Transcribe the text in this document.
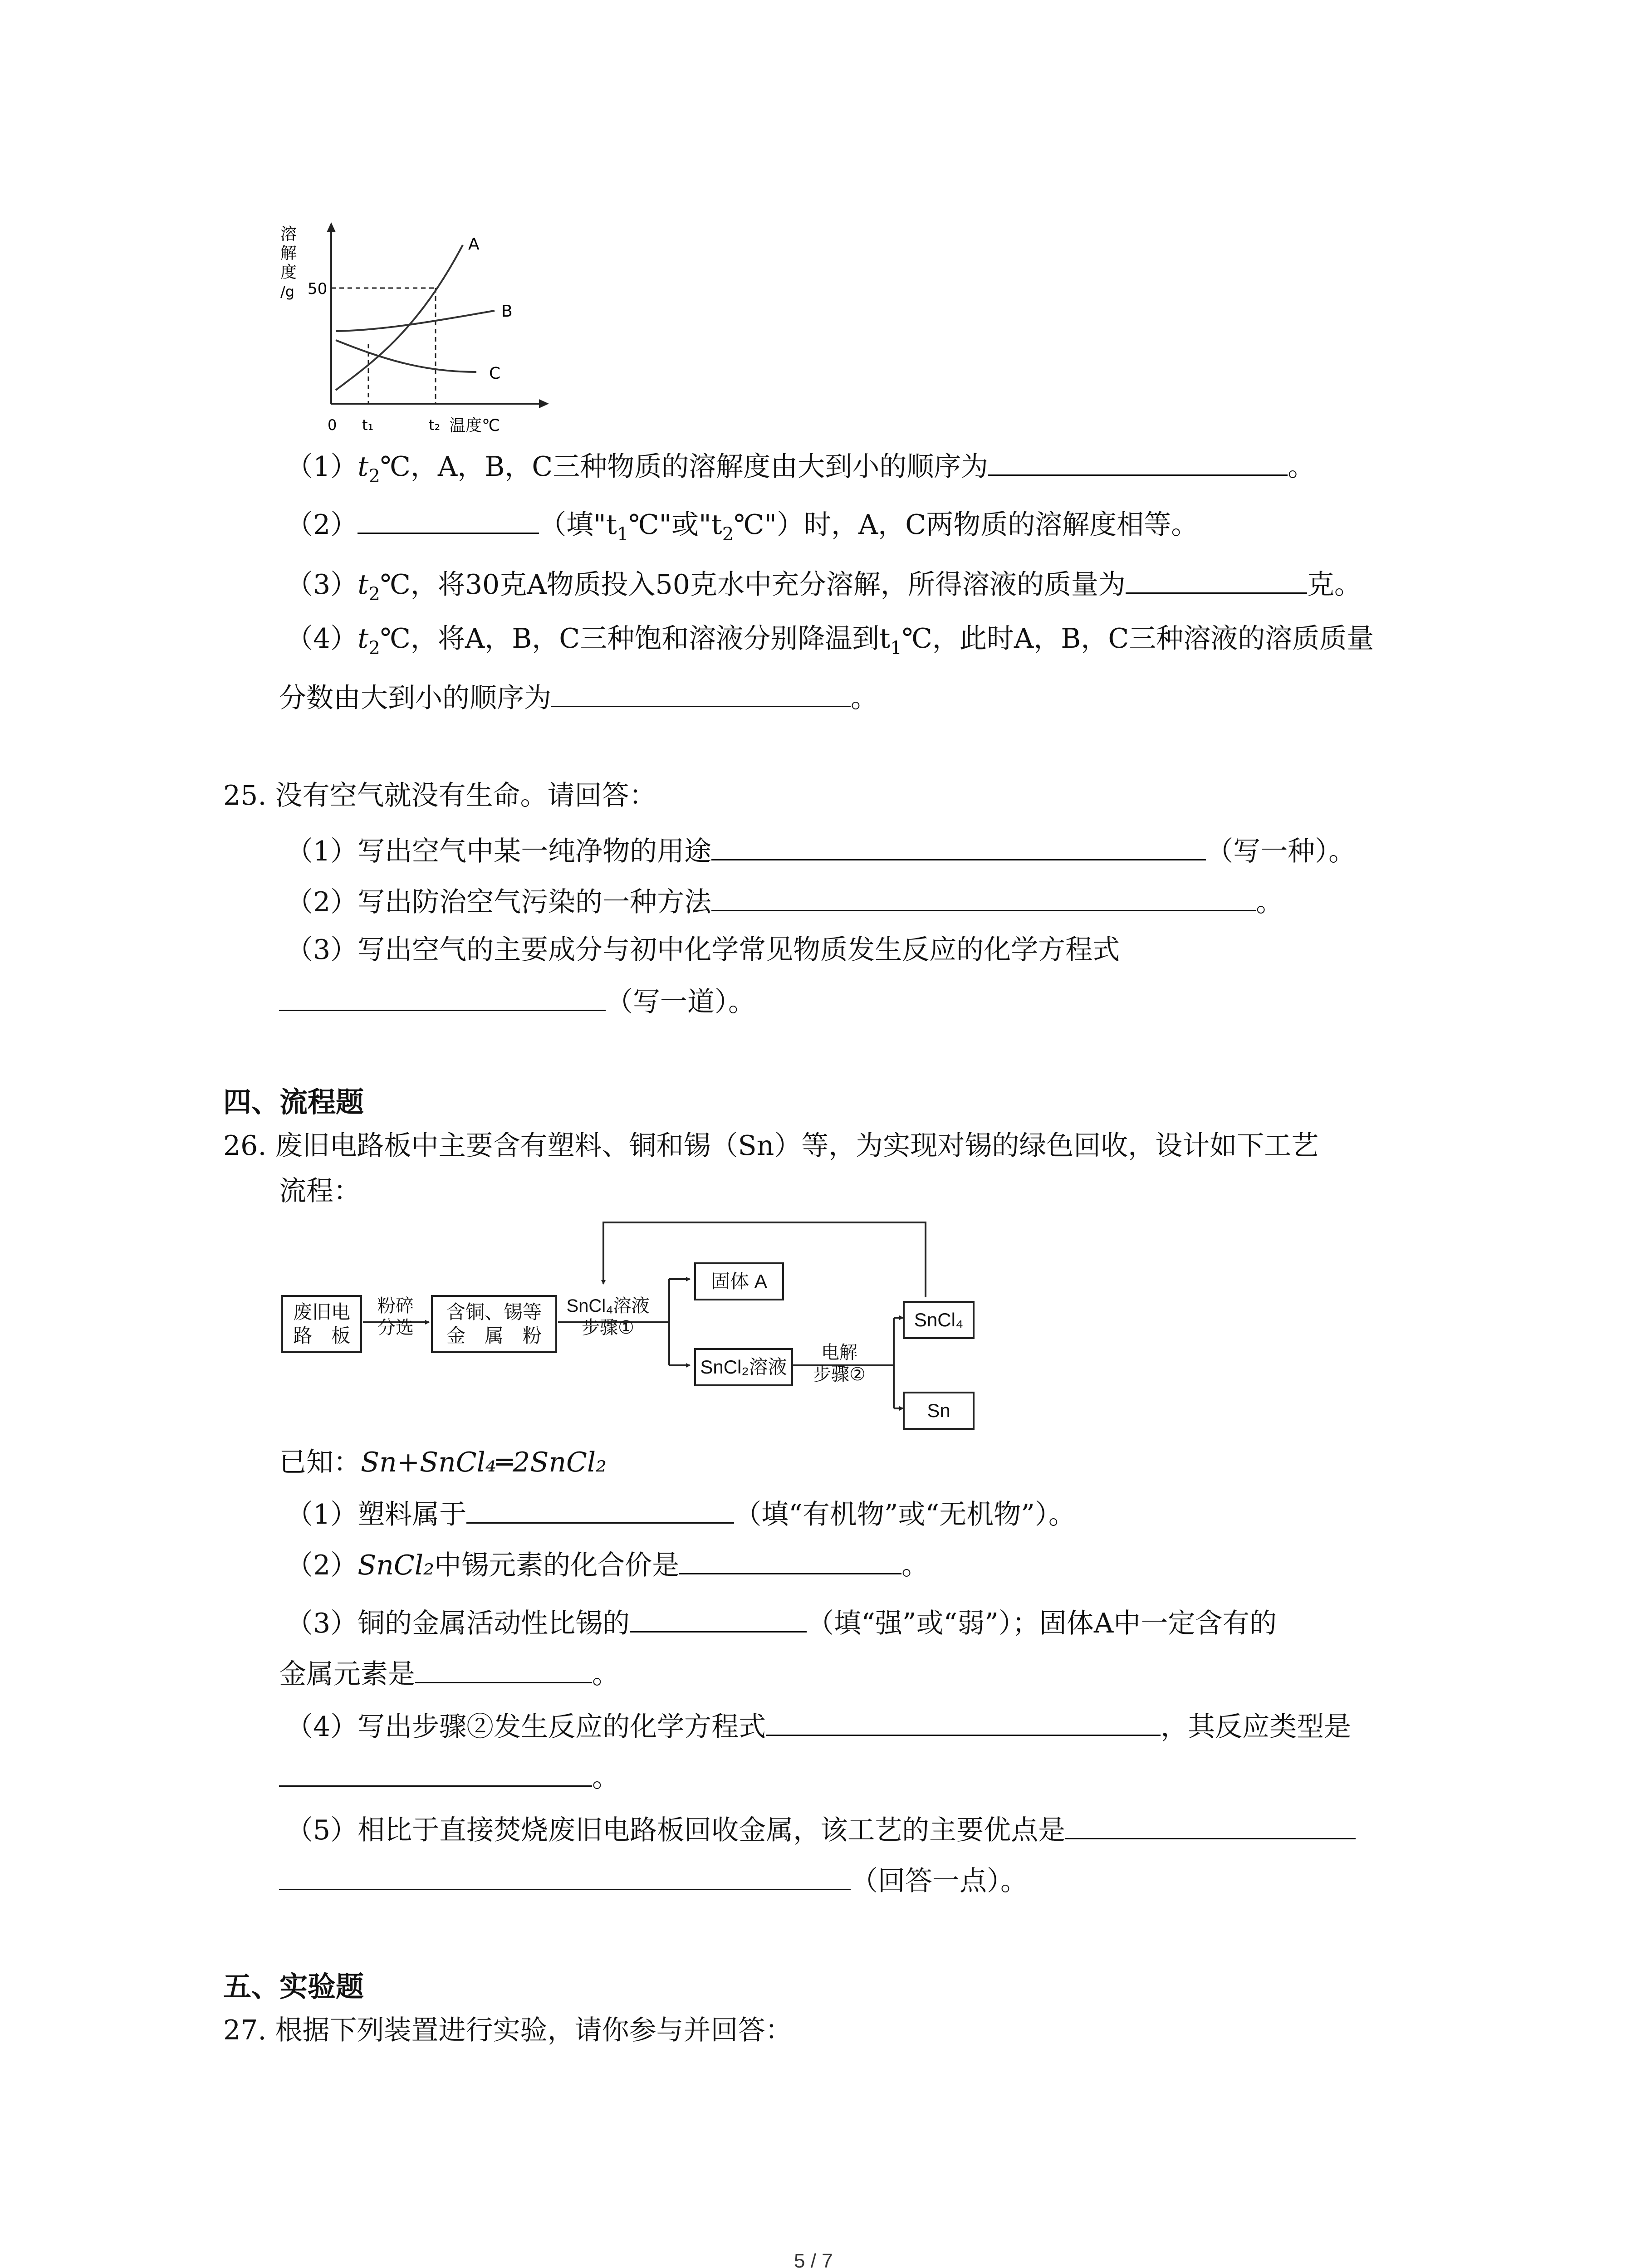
溶
解
度
/g 50
0 t₁	t₂ 温度℃
A
B
C
$(1)t_2℃$，A，B，C三种物质的溶解度由大到小的顺序为	。
（2）	（填"$t_1℃$"或"$t_2℃$"）时，A，C两物质的溶解度相等。
$(3)t_2℃$，将30克A物质投入50克水中充分溶解，所得溶液的质量为	克。
$(4)t_2℃$，将A，B，C三种饱和溶液分别降温到$t_1℃$，此时A，B，C三种溶液的溶质质量
分数由大到小的顺序为	。
25. 没有空气就没有生命。请回答：
（1）写出空气中某一纯净物的用途	（写一种）。
（2）写出防治空气污染的一种方法	。
（3）写出空气的主要成分与初中化学常见物质发生反应的化学方程式
（写一道）。
四、流程题
26. 废旧电路板中主要含有塑料、铜和锡（Sn）等，为实现对锡的绿色回收，设计如下工艺
流程：
废旧电
路　板
粉碎
分选
含铜、锡等
金　属　粉
SnCl₄溶液
步骤①
固体 A
SnCl₂溶液
电解
步骤②
SnCl₄
Sn
已知：Sn+SnCl₄═2SnCl₂
（1）塑料属于	（填“有机物”或“无机物”）。
（2）SnCl₂中锡元素的化合价是	。
（3）铜的金属活动性比锡的	（填“强”或“弱”）；固体A中一定含有的
金属元素是	。
（4）写出步骤②发生反应的化学方程式	，其反应类型是
。
（5）相比于直接焚烧废旧电路板回收金属，该工艺的主要优点是
（回答一点）。
五、实验题
27. 根据下列装置进行实验，请你参与并回答：
5 / 7
